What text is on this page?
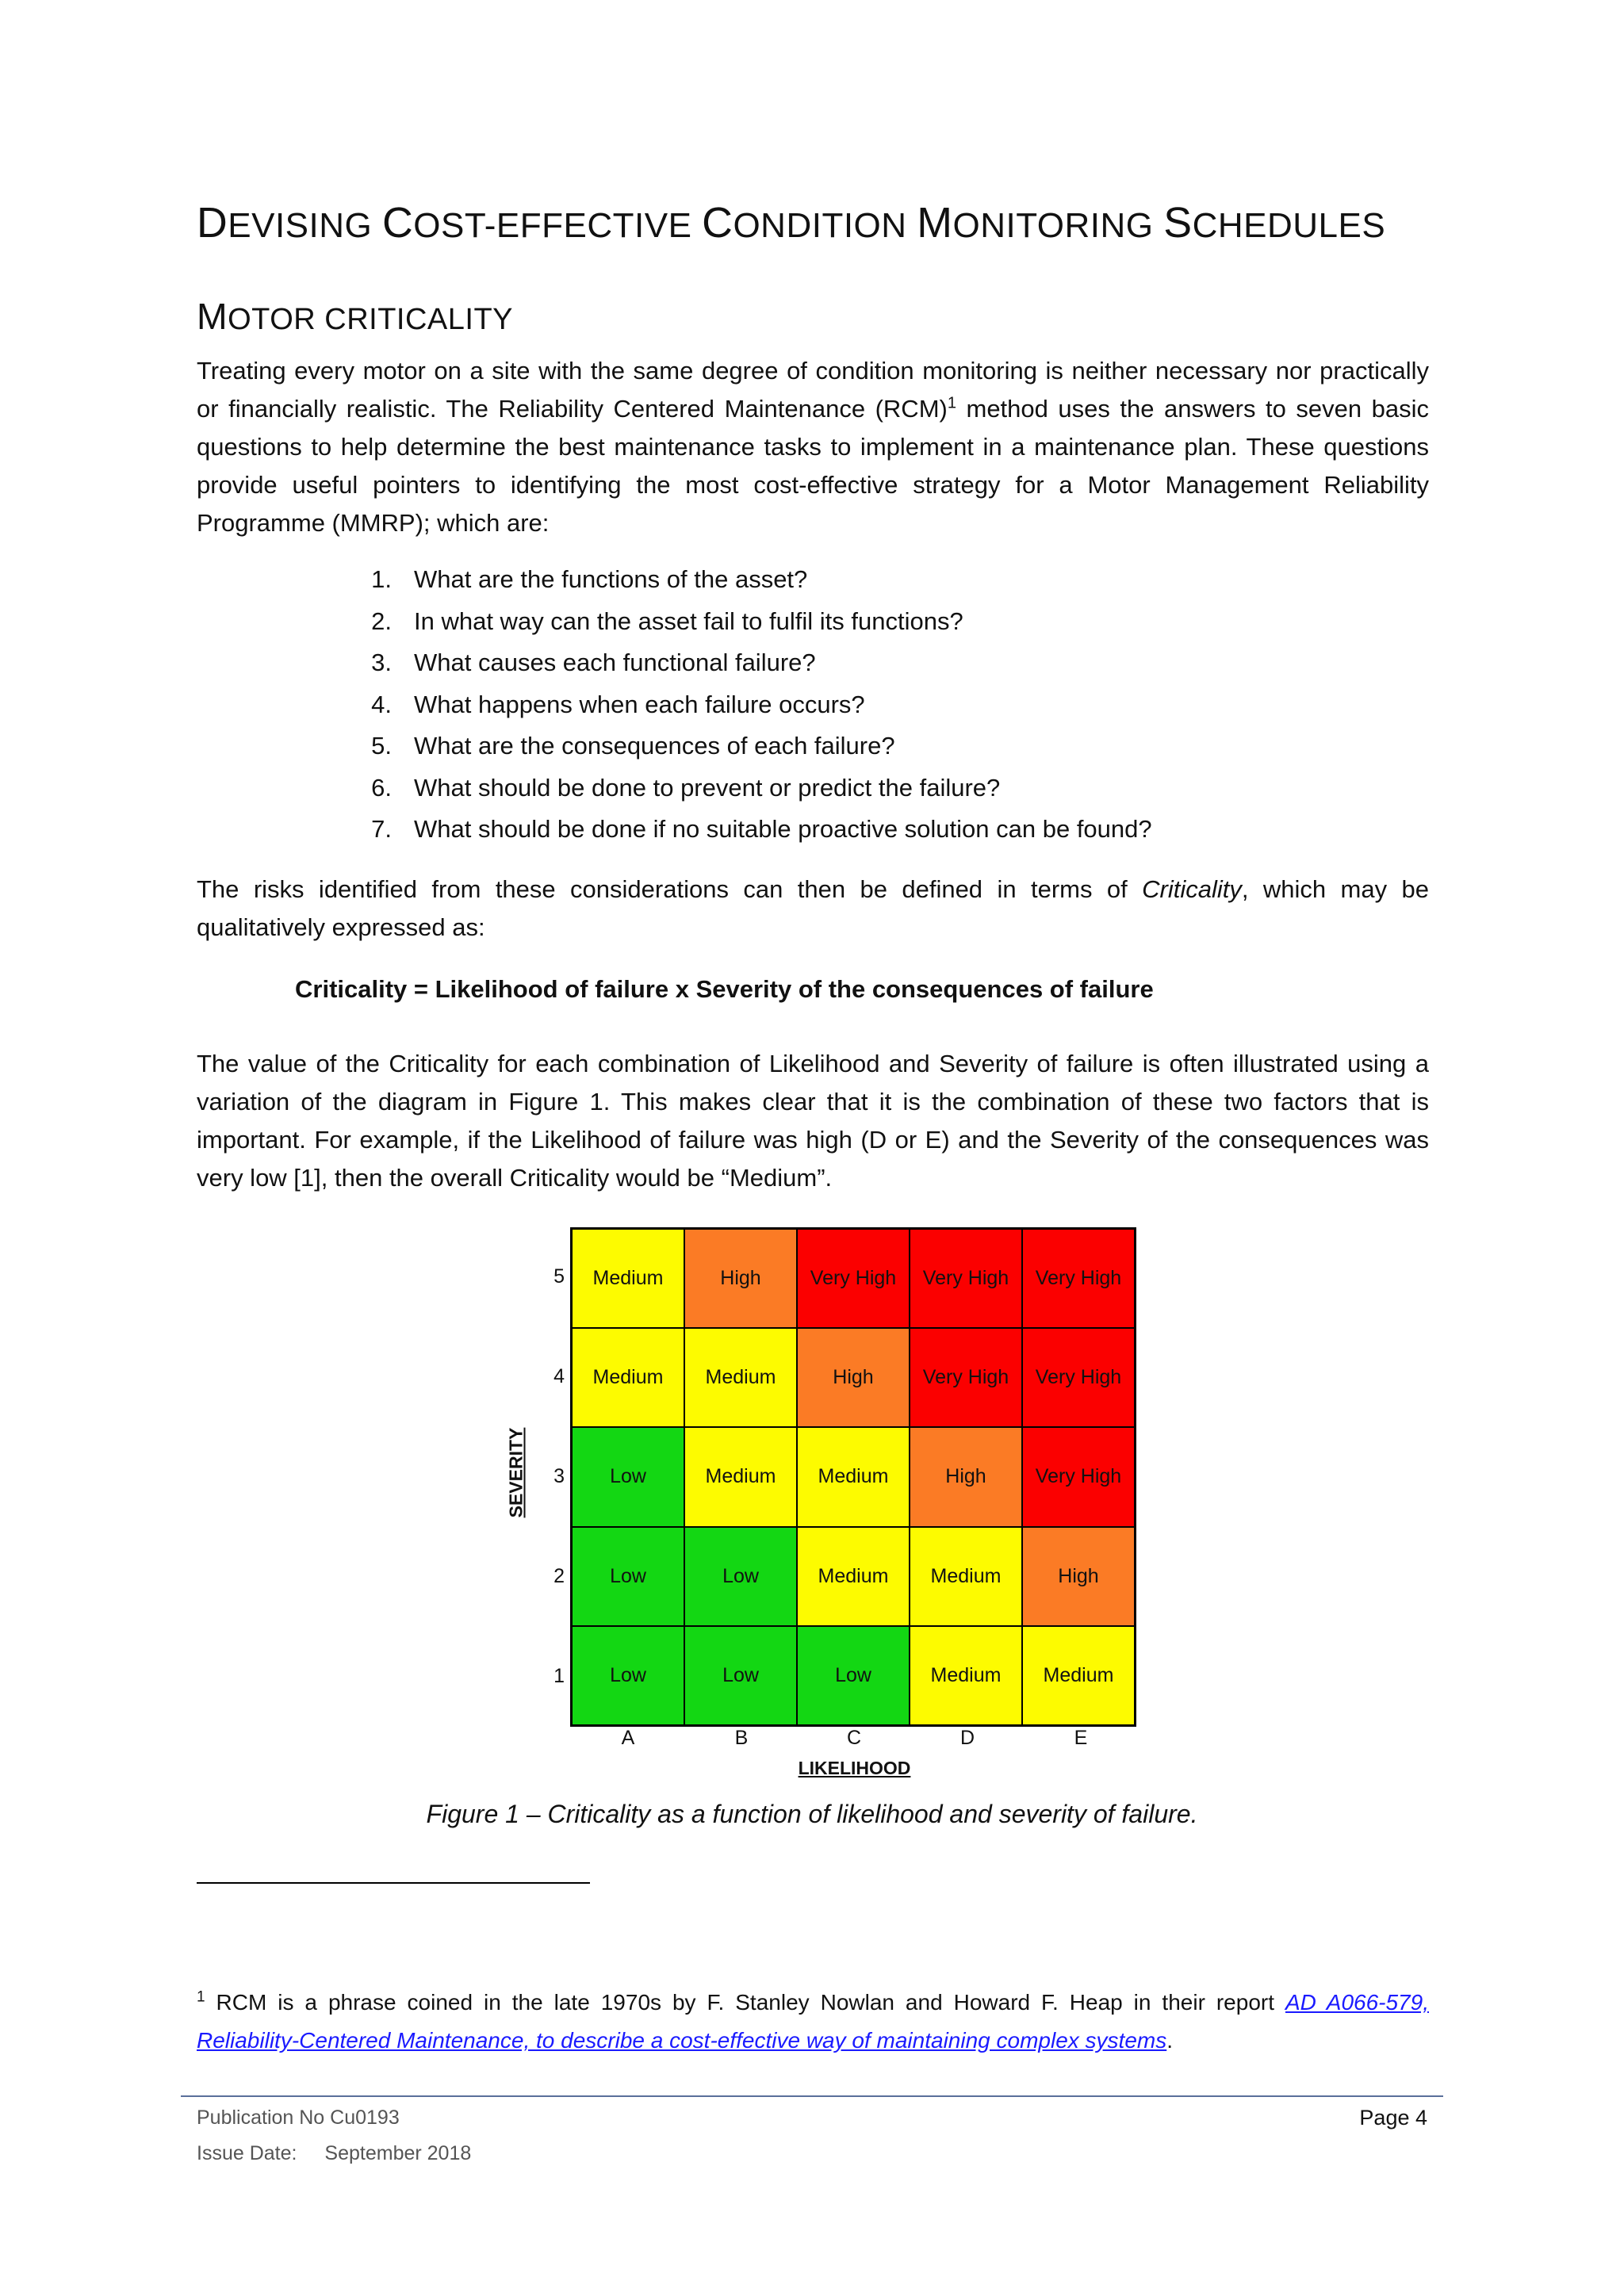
DEVISING COST-EFFECTIVE CONDITION MONITORING SCHEDULES
MOTOR CRITICALITY

Treating every motor on a site with the same degree of condition monitoring is neither necessary nor practically or financially realistic. The Reliability Centered Maintenance (RCM)$^1$ method uses the answers to seven basic questions to help determine the best maintenance tasks to implement in a maintenance plan. These questions provide useful pointers to identifying the most cost-effective strategy for a Motor Management Reliability Programme (MMRP); which are:

1. What are the functions of the asset?
2. In what way can the asset fail to fulfil its functions?
3. What causes each functional failure?
4. What happens when each failure occurs?
5. What are the consequences of each failure?
6. What should be done to prevent or predict the failure?
7. What should be done if no suitable proactive solution can be found?

The risks identified from these considerations can then be defined in terms of Criticality, which may be qualitatively expressed as:

Criticality = Likelihood of failure x Severity of the consequences of failure

The value of the Criticality for each combination of Likelihood and Severity of failure is often illustrated using a variation of the diagram in Figure 1. This makes clear that it is the combination of these two factors that is important. For example, if the Likelihood of failure was high (D or E) and the Severity of the consequences was very low [1], then the overall Criticality would be “Medium”.

SEVERITY
5
4
3
2
1
Medium	High	Very High	Very High	Very High
Medium	Medium	High	Very High	Very High
Low	Medium	Medium	High	Very High
Low	Low	Medium	Medium	High
Low	Low	Low	Medium	Medium
A	B	C	D	E
LIKELIHOOD
Figure 1 – Criticality as a function of likelihood and severity of failure.

$^1$ RCM is a phrase coined in the late 1970s by F. Stanley Nowlan and Howard F. Heap in their report AD A066-579, Reliability-Centered Maintenance, to describe a cost-effective way of maintaining complex systems.

Publication No Cu0193
Issue Date: September 2018
Page 4
